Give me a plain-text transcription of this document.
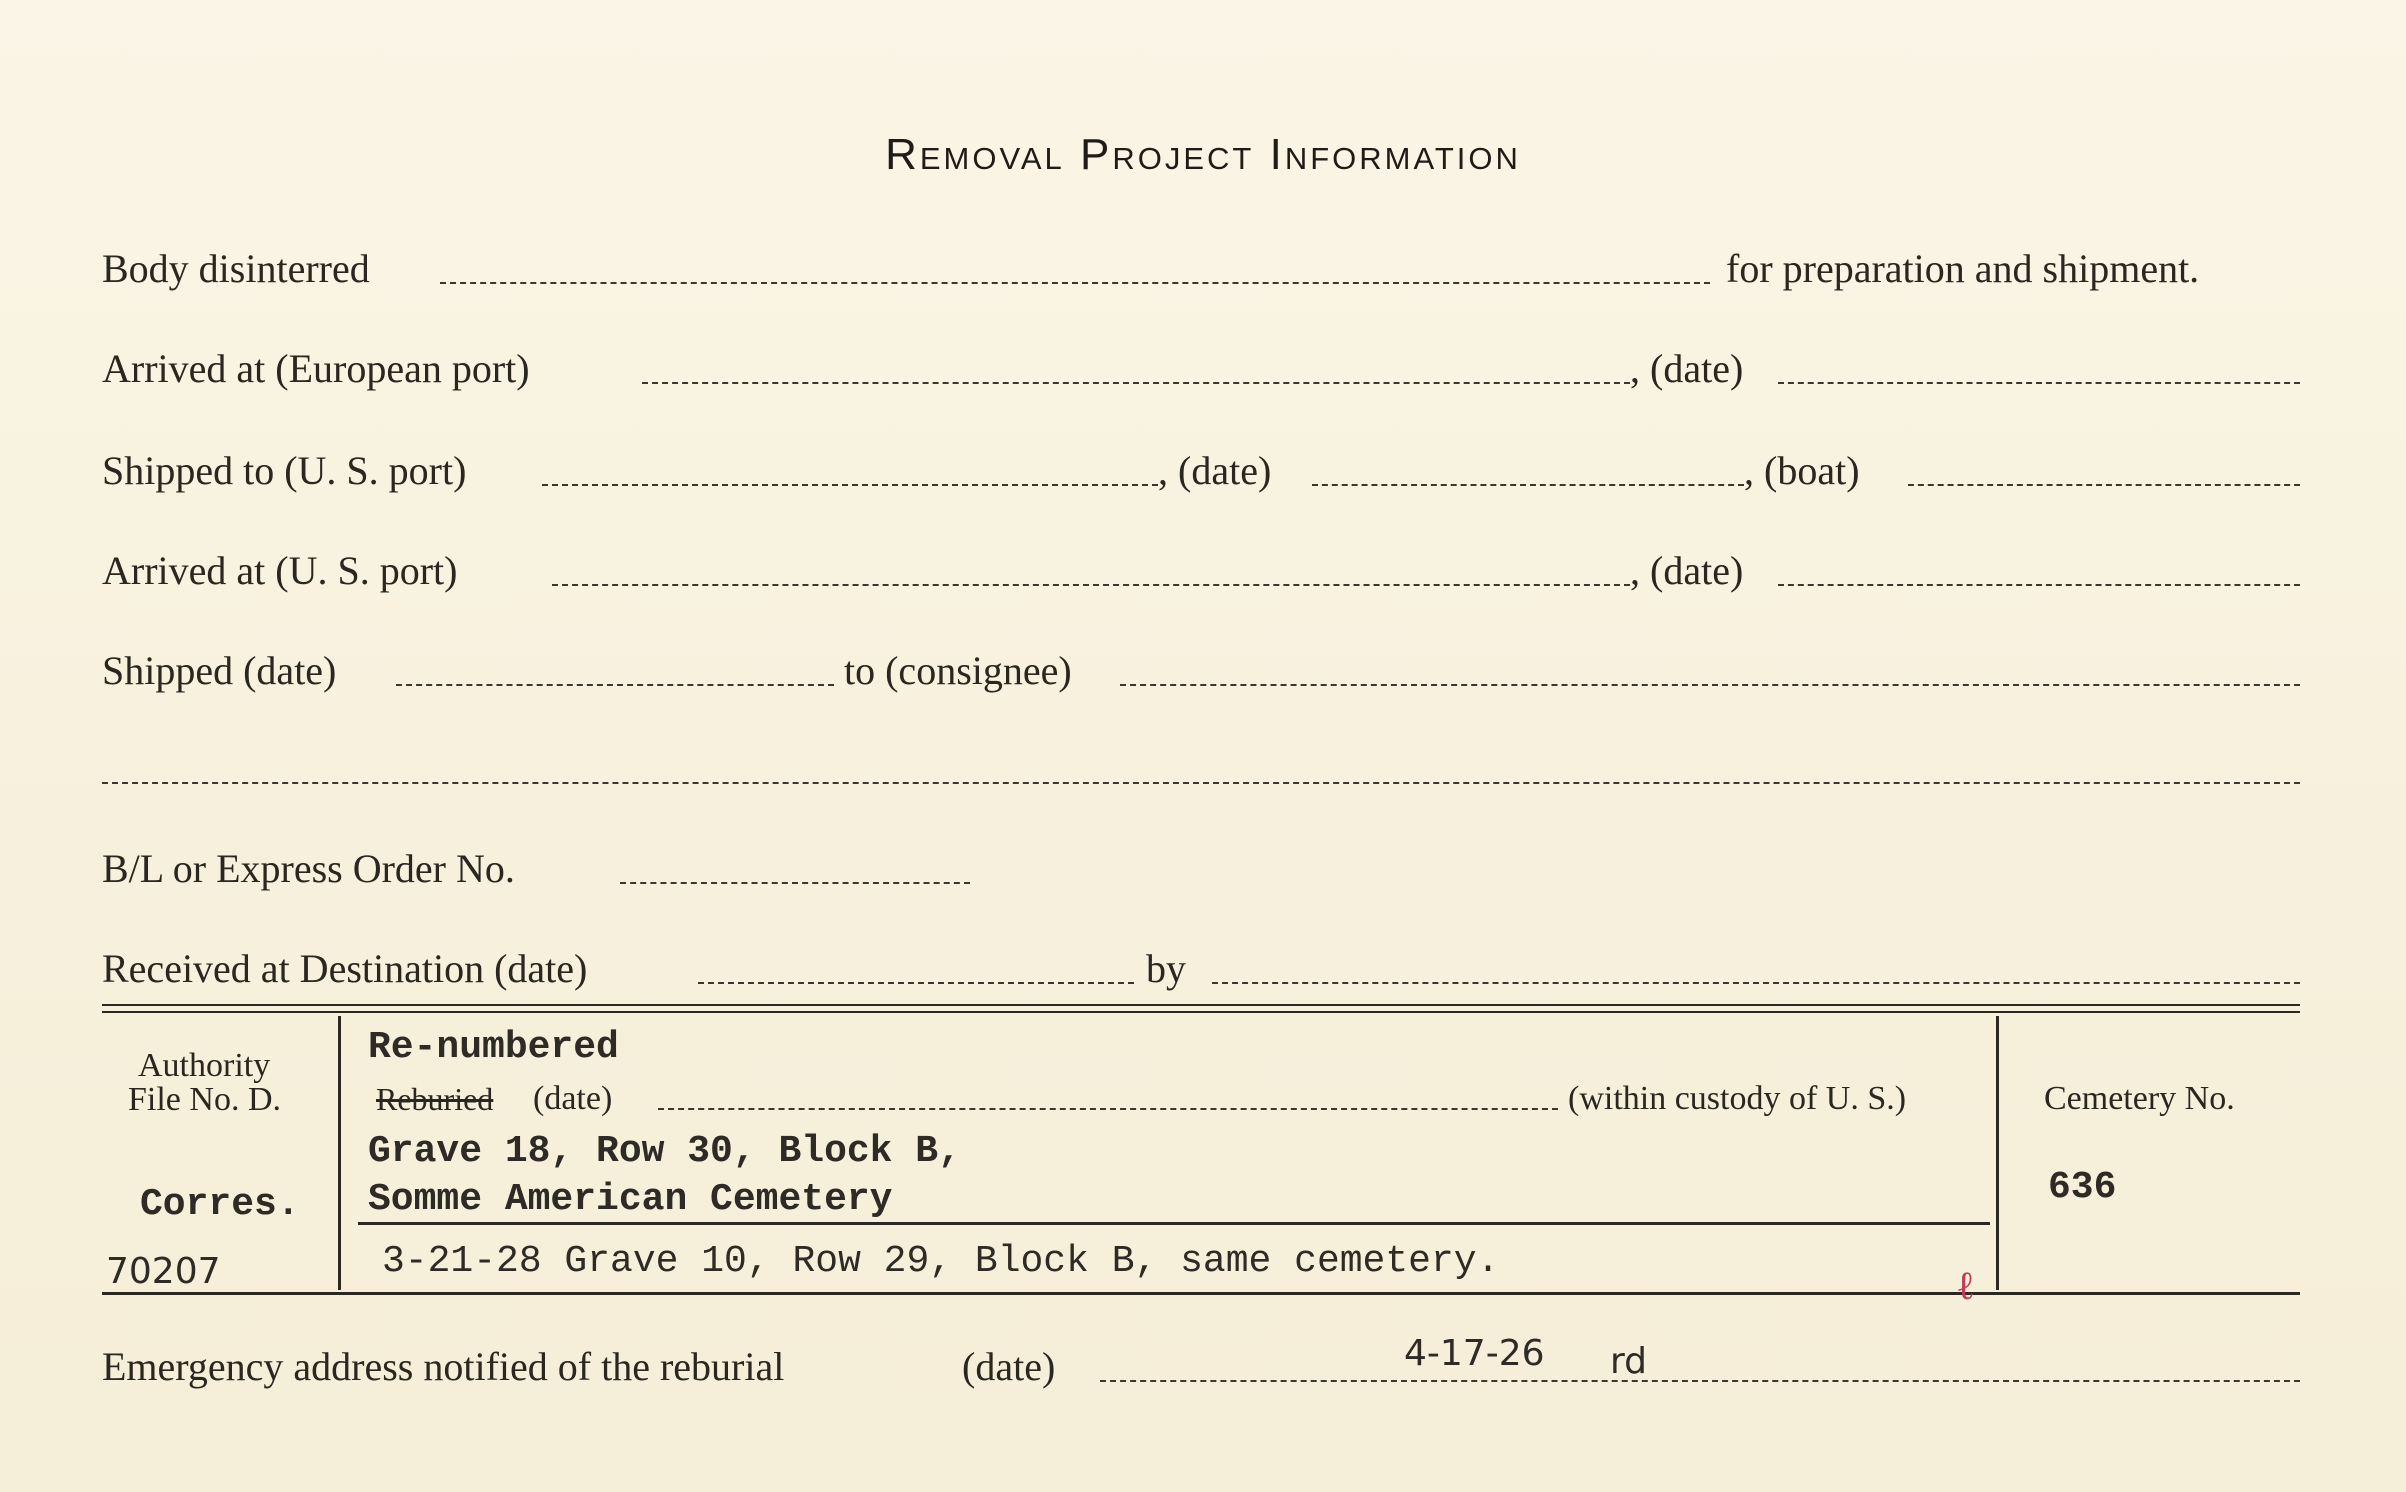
Removal Project Information
Body disinterred	for preparation and shipment.
Arrived at (European port)	, (date)
Shipped to (U. S. port)	, (date)	, (boat)
Arrived at (U. S. port)	, (date)
Shipped (date)	to (consignee)
B/L or Express Order No.
Received at Destination (date)	by
Authority
File No. D.
Corres.
70207
Re-numbered
Reburied (date)	(within custody of U. S.)
Grave 18, Row 30, Block B,
Somme American Cemetery
3-21-28 Grave 10, Row 29, Block B, same cemetery.
Cemetery No.
636
ℓ
Emergency address notified of the reburial	(date)	4-17-26 rd
